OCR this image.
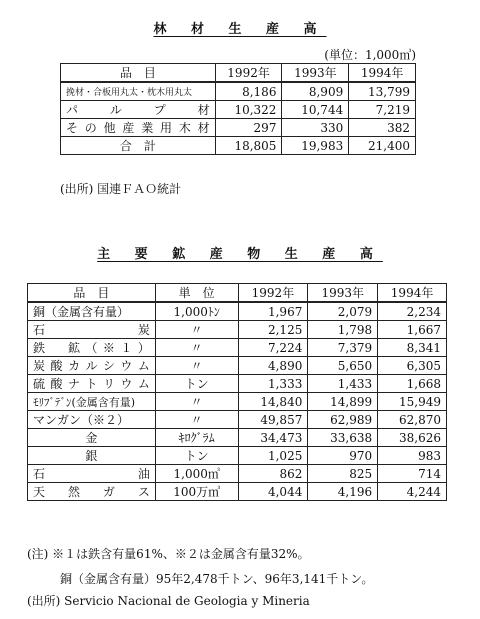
林 材 生 産 高
(単位：1,000㎥)
品　目	1992年	1993年	1994年
挽材・合板用丸太・枕木用丸太	8,186	8,909	13,799
パ ル プ 材	10,322	10,744	7,219
その他産業用木材	297	330	382
合　計	18,805	19,983	21,400
(出所) 国連ＦＡＯ統計
主 要 鉱 産 物 生 産 高
品　目	単　位	1992年	1993年	1994年
銅（金属含有量）	1,000ﾄﾝ	1,967	2,079	2,234
石　　炭	〃	2,125	1,798	1,667
鉄　鉱（※１）	〃	7,224	7,379	8,341
炭酸カルシウム	〃	4,890	5,650	6,305
硫酸ナトリウム	トン	1,333	1,433	1,668
ﾓﾘﾌﾞﾃﾞﾝ(金属含有量)	〃	14,840	14,899	15,949
マンガン（※２）	〃	49,857	62,989	62,870
金	ｷﾛｸﾞﾗﾑ	34,473	33,638	38,626
銀	トン	1,025	970	983
石　　油	1,000㎥	862	825	714
天 然 ガ ス	100万㎥	4,044	4,196	4,244
(注) ※１は鉄含有量61%、※２は金属含有量32%。
銅（金属含有量）95年2,478千トン、96年3,141千トン。
(出所) Servicio Nacional de Geologia y Mineria
